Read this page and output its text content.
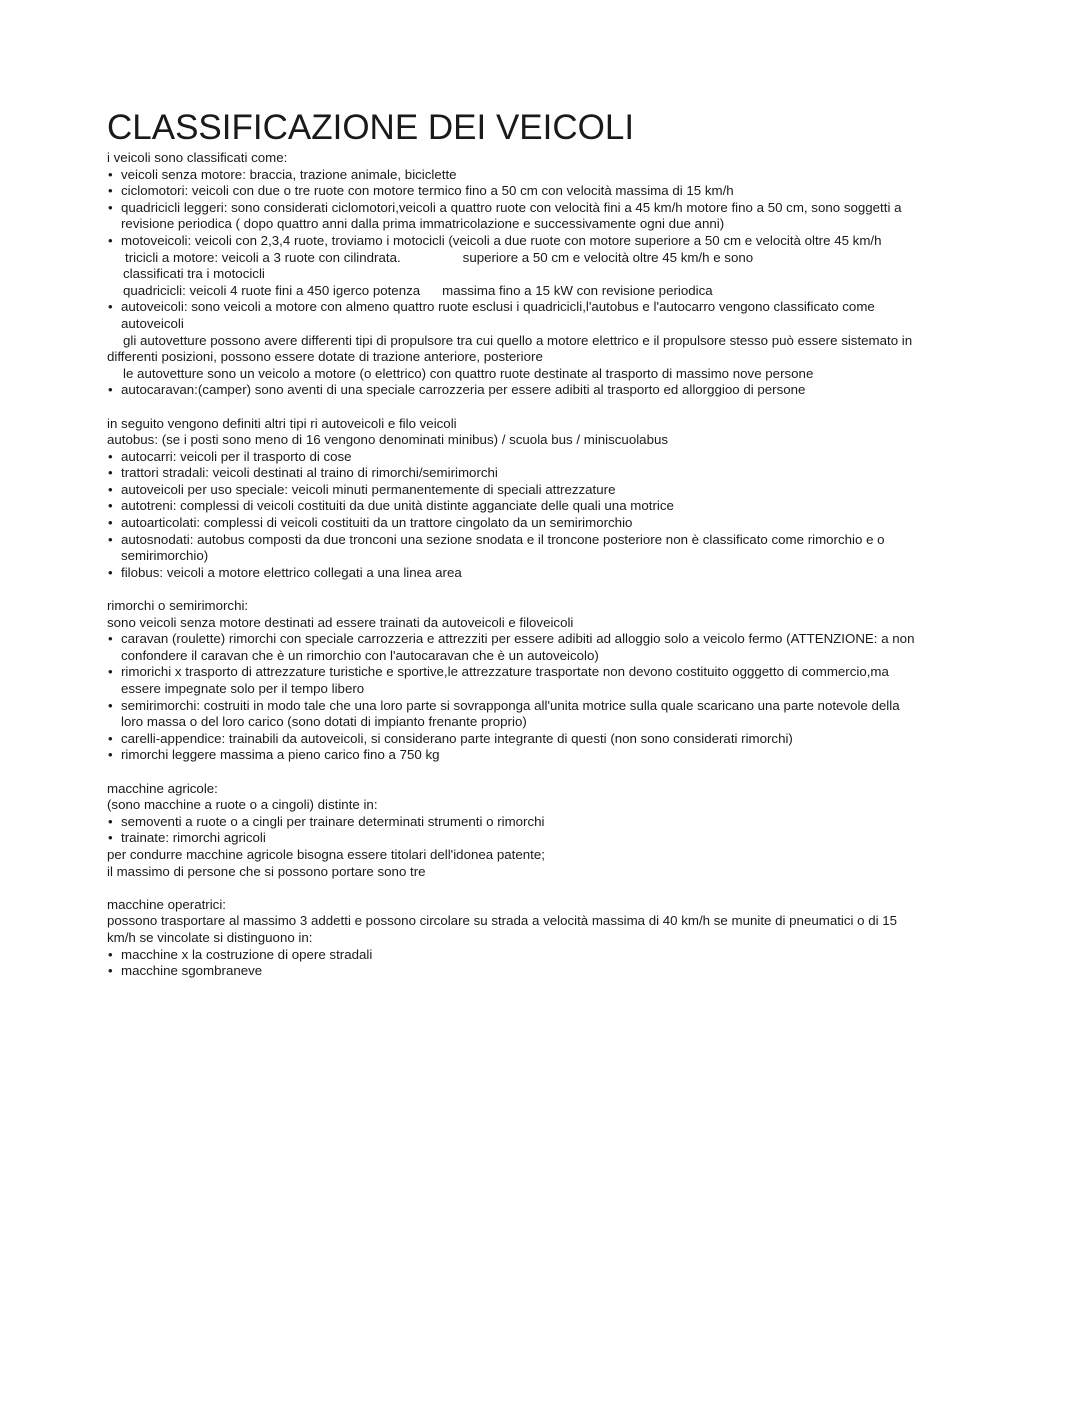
CLASSIFICAZIONE DEI VEICOLI
i veicoli sono classificati come:
• veicoli senza motore: braccia, trazione animale, biciclette
• ciclomotori: veicoli con due o tre ruote con motore termico fino a 50 cm con velocità massima di 15 km/h
• quadricicli leggeri: sono considerati ciclomotori,veicoli a quattro ruote con velocità fini a 45 km/h motore fino a 50 cm, sono soggetti a
revisione periodica ( dopo quattro anni dalla prima immatricolazione e successivamente ogni due anni)
• motoveicoli: veicoli con 2,3,4 ruote, troviamo i motocicli (veicoli a due ruote con motore superiore a 50 cm e velocità oltre 45 km/h
tricicli a motore: veicoli a 3 ruote con cilindrata.	superiore a 50 cm e velocità oltre 45 km/h e sono
classificati tra i motocicli
quadricicli: veicoli 4 ruote fini a 450 igerco potenza massima fino a 15 kW con revisione periodica
• autoveicoli: sono veicoli a motore con almeno quattro ruote esclusi i quadricicli,l'autobus e l'autocarro vengono classificato come
autoveicoli
gli autovetture possono avere differenti tipi di propulsore tra cui quello a motore elettrico e il propulsore stesso può essere sistemato in
differenti posizioni, possono essere dotate di trazione anteriore, posteriore
le autovetture sono un veicolo a motore (o elettrico) con quattro ruote destinate al trasporto di massimo nove persone
• autocaravan:(camper) sono aventi di una speciale carrozzeria per essere adibiti al trasporto ed allorggioo di persone
in seguito vengono definiti altri tipi ri autoveicoli e filo veicoli
autobus: (se i posti sono meno di 16 vengono denominati minibus) / scuola bus / miniscuolabus
• autocarri: veicoli per il trasporto di cose
• trattori stradali: veicoli destinati al traino di rimorchi/semirimorchi
• autoveicoli per uso speciale: veicoli minuti permanentemente di speciali attrezzature
• autotreni: complessi di veicoli costituiti da due unità distinte agganciate delle quali una motrice
• autoarticolati: complessi di veicoli costituiti da un trattore cingolato da un semirimorchio
• autosnodati: autobus composti da due tronconi una sezione snodata e il troncone posteriore non è classificato come rimorchio e o
semirimorchio)
• filobus: veicoli a motore elettrico collegati a una linea area
rimorchi o semirimorchi:
sono veicoli senza motore destinati ad essere trainati da autoveicoli e filoveicoli
• caravan (roulette) rimorchi con speciale carrozzeria e attrezziti per essere adibiti ad alloggio solo a veicolo fermo (ATTENZIONE: a non
confondere il caravan che è un rimorchio con l'autocaravan che è un autoveicolo)
• rimorichi x trasporto di attrezzature turistiche e sportive,le attrezzature trasportate non devono costituito ogggetto di commercio,ma
essere impegnate solo per il tempo libero
• semirimorchi: costruiti in modo tale che una loro parte si sovrapponga all'unita motrice sulla quale scaricano una parte notevole della
loro massa o del loro carico (sono dotati di impianto frenante proprio)
• carelli-appendice: trainabili da autoveicoli, si considerano parte integrante di questi (non sono considerati rimorchi)
• rimorchi leggere massima a pieno carico fino a 750 kg
macchine agricole:
(sono macchine a ruote o a cingoli) distinte in:
• semoventi a ruote o a cingli per trainare determinati strumenti o rimorchi
• trainate: rimorchi agricoli
per condurre macchine agricole bisogna essere titolari dell'idonea patente;
il massimo di persone che si possono portare sono tre
macchine operatrici:
possono trasportare al massimo 3 addetti e possono circolare su strada a velocità massima di 40 km/h se munite di pneumatici o di 15
km/h se vincolate si distinguono in:
• macchine x la costruzione di opere stradali
• macchine sgombraneve
